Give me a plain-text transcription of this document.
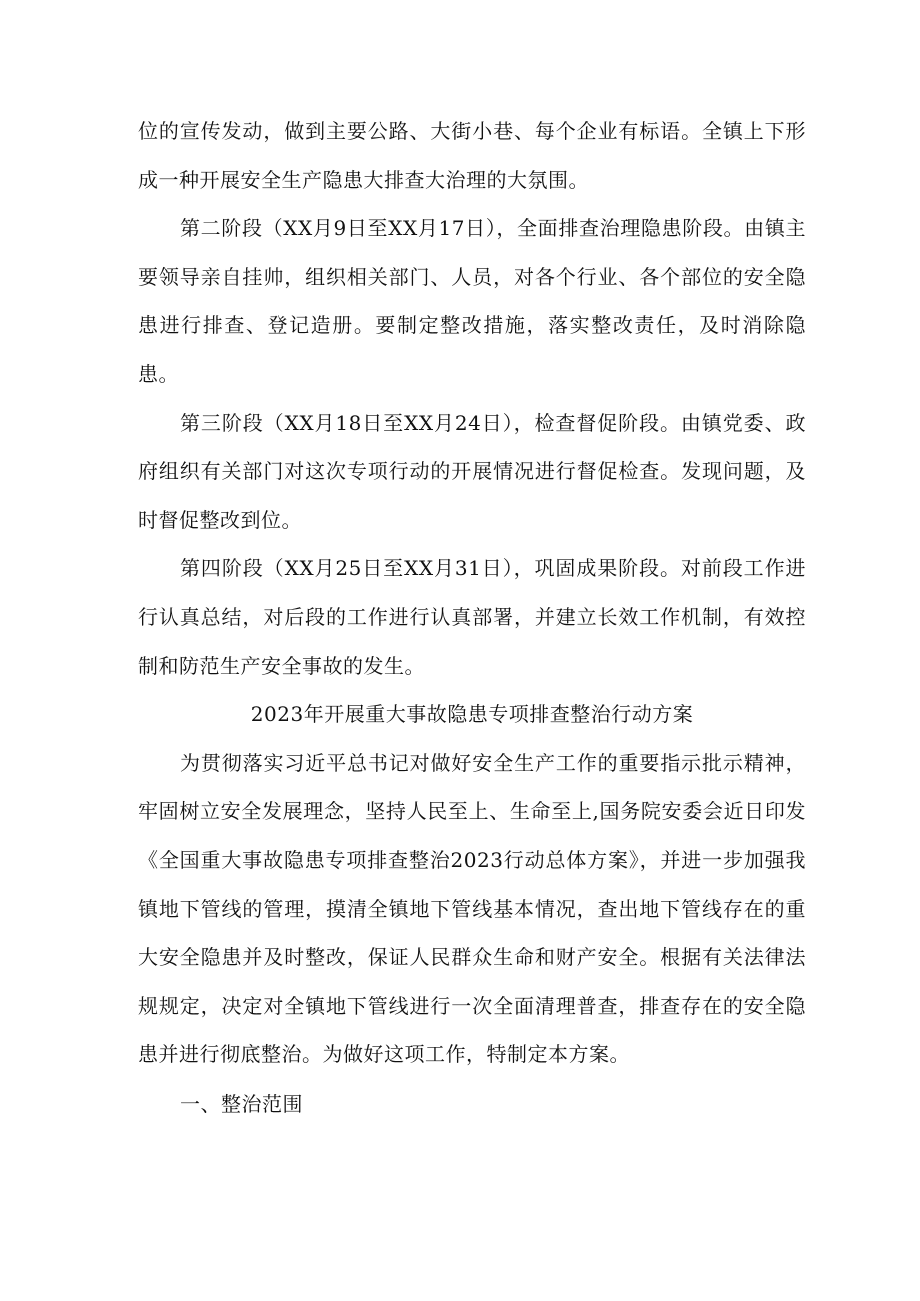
位的宣传发动，做到主要公路、大街小巷、每个企业有标语。全镇上下形成一种开展安全生产隐患大排查大治理的大氛围。

第二阶段（XX月9日至XX月17日），全面排查治理隐患阶段。由镇主要领导亲自挂帅，组织相关部门、人员，对各个行业、各个部位的安全隐患进行排查、登记造册。要制定整改措施，落实整改责任，及时消除隐患。

第三阶段（XX月18日至XX月24日），检查督促阶段。由镇党委、政府组织有关部门对这次专项行动的开展情况进行督促检查。发现问题，及时督促整改到位。

第四阶段（XX月25日至XX月31日），巩固成果阶段。对前段工作进行认真总结，对后段的工作进行认真部署，并建立长效工作机制，有效控制和防范生产安全事故的发生。

2023年开展重大事故隐患专项排查整治行动方案

为贯彻落实习近平总书记对做好安全生产工作的重要指示批示精神，牢固树立安全发展理念，坚持人民至上、生命至上,国务院安委会近日印发《全国重大事故隐患专项排查整治2023行动总体方案》，并进一步加强我镇地下管线的管理，摸清全镇地下管线基本情况，查出地下管线存在的重大安全隐患并及时整改，保证人民群众生命和财产安全。根据有关法律法规规定，决定对全镇地下管线进行一次全面清理普查，排查存在的安全隐患并进行彻底整治。为做好这项工作，特制定本方案。

一、整治范围
